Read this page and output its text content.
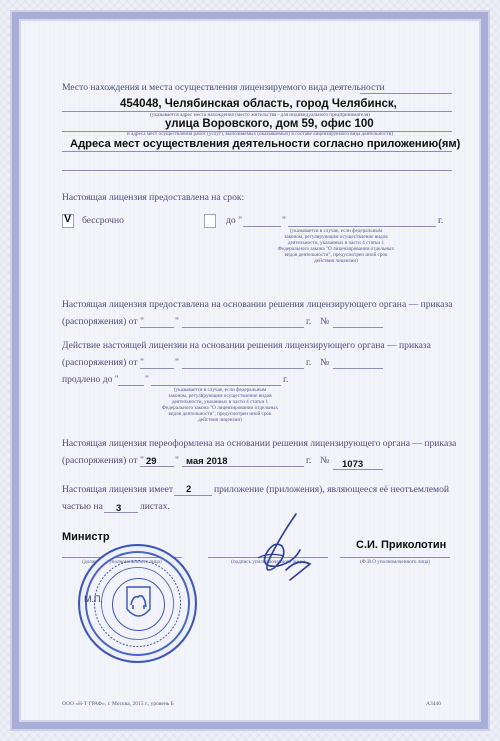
Место нахождения и места осуществления лицензируемого вида деятельности
454048, Челябинская область, город Челябинск,
(указывается адрес места нахождения (место жительства - для индивидуального предпринимателя)
улица Воровского, дом 59, офис 100
и адреса мест осуществления работ (услуг), выполняемых (оказываемых) в составе лицензируемого вида деятельности)
Адреса мест осуществления деятельности согласно приложению(ям)
Настоящая лицензия предоставлена на срок:
V бессрочно	до "	"	г.
(указывается в случае, если федеральным
законом, регулирующим осуществление видов
деятельности, указанных в части 4 статьи 1
Федерального закона "О лицензировании отдельных
видов деятельности", предусмотрен иной срок
действия лицензии)
Настоящая лицензия предоставлена на основании решения лицензирующего органа — приказа
(распоряжения) от "	"	г. №
Действие настоящей лицензии на основании решения лицензирующего органа — приказа
(распоряжения) от "	"	г. №
продлено до "	"	г.
(указывается в случае, если федеральным
законом, регулирующим осуществление видов
деятельности, указанных в части 4 статьи 1
Федерального закона "О лицензировании отдельных
видов деятельности", предусмотрен иной срок
действия лицензии)
Настоящая лицензия переоформлена на основании решения лицензирующего органа — приказа
(распоряжения) от " 29 " мая 2018	г. № 1073
Настоящая лицензия имеет 2 приложение (приложения), являющееся её неотъемлемой
частью на 3 листах.
Министр
С.И. Приколотин
(должность уполномоченного лица)	(подпись уполномоченного лица)	(Ф.И.О уполномоченного лица)
М.П.
ООО «Н-Т ГРАФ», г. Москва, 2015 г., уровень Б	А3440
